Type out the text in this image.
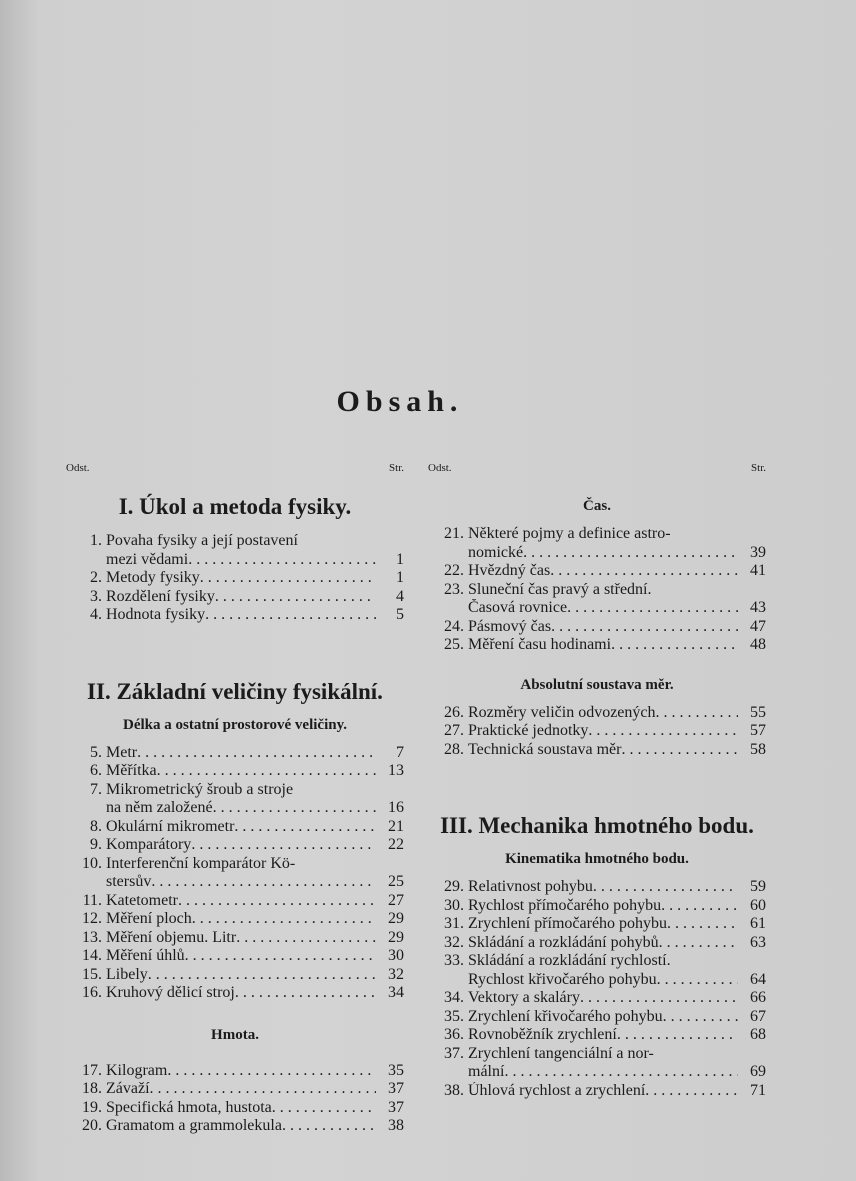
Obsah.
Odst.	Str.
I. Úkol a metoda fysiky.
1. Povaha fysiky a její postavení
mezi vědami . . .	1
2. Metody fysiky . . .	1
3. Rozdělení fysiky . . .	4
4. Hodnota fysiky . . .	5
II. Základní veličiny fysikální.
Délka a ostatní prostorové veličiny.
5. Metr . . .	7
6. Měřítka . . .	13
7. Mikrometrický šroub a stroje
na něm založené . . .	16
8. Okulární mikrometr . . .	21
9. Komparátory . . .	22
10. Interferenční komparátor Kö-
stersův . . .	25
11. Katetometr . . .	27
12. Měření ploch . . .	29
13. Měření objemu. Litr . . .	29
14. Měření úhlů . . .	30
15. Libely . . .	32
16. Kruhový dělicí stroj . . .	34
Hmota.
17. Kilogram . . .	35
18. Závaží . . .	37
19. Specifická hmota, hustota . . .	37
20. Gramatom a grammolekula . . .	38
Odst.	Str.
Čas.
21. Některé pojmy a definice astro-
nomické . . .	39
22. Hvězdný čas . . .	41
23. Sluneční čas pravý a střední.
Časová rovnice . . .	43
24. Pásmový čas . . .	47
25. Měření času hodinami . . .	48
Absolutní soustava měr.
26. Rozměry veličin odvozených . . .	55
27. Praktické jednotky . . .	57
28. Technická soustava měr . . .	58
III. Mechanika hmotného bodu.
Kinematika hmotného bodu.
29. Relativnost pohybu . . .	59
30. Rychlost přímočarého pohybu . . .	60
31. Zrychlení přímočarého pohybu . . .	61
32. Skládání a rozkládání pohybů . . .	63
33. Skládání a rozkládání rychlostí.
Rychlost křivočarého pohybu . . .	64
34. Vektory a skaláry . . .	66
35. Zrychlení křivočarého pohybu . . .	67
36. Rovnoběžník zrychlení . . .	68
37. Zrychlení tangenciální a nor-
mální . . .	69
38. Úhlová rychlost a zrychlení . . .	71
